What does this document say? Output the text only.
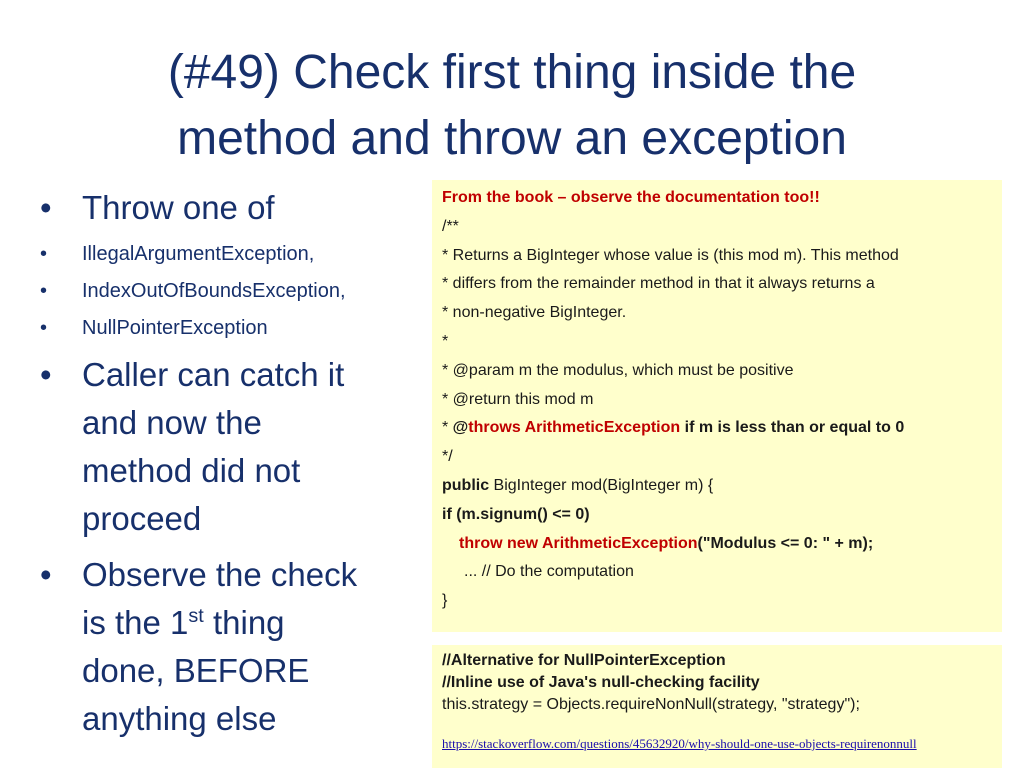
(#49) Check first thing inside the
method and throw an exception
• Throw one of
• IllegalArgumentException,
• IndexOutOfBoundsException,
• NullPointerException
• Caller can catch it
and now the
method did not
proceed
• Observe the check
is the 1st thing
done, BEFORE
anything else
From the book – observe the documentation too!!
/**
* Returns a BigInteger whose value is (this mod m). This method
* differs from the remainder method in that it always returns a
* non-negative BigInteger.
*
* @param m the modulus, which must be positive
* @return this mod m
* @throws ArithmeticException if m is less than or equal to 0
*/
public BigInteger mod(BigInteger m) {
if (m.signum() <= 0)
throw new ArithmeticException("Modulus <= 0: " + m);
... // Do the computation
}
//Alternative for NullPointerException
//Inline use of Java's null-checking facility
this.strategy = Objects.requireNonNull(strategy, "strategy");
https://stackoverflow.com/questions/45632920/why-should-one-use-objects-requirenonnull
